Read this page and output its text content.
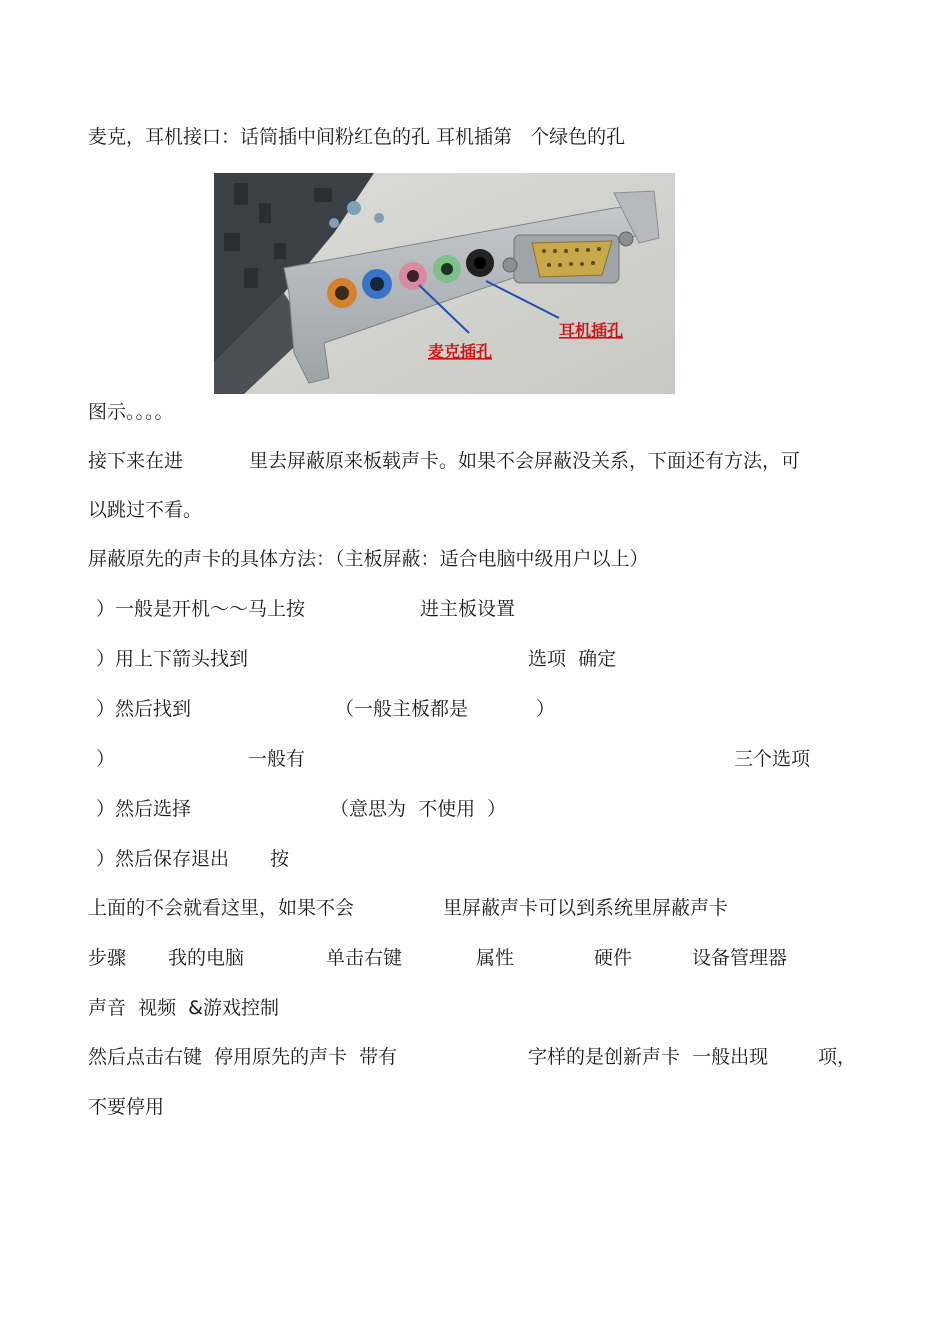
麦克，耳机接口：话筒插中间粉红色的孔 耳机插第   个绿色的孔
耳机插孔
麦克插孔
图示。。。。
接下来在进	里去屏蔽原来板载声卡。如果不会屏蔽没关系，下面还有方法，可
以跳过不看。
屏蔽原先的声卡的具体方法：（主板屏蔽：适合电脑中级用户以上）
）一般是开机～～马上按	进主板设置
）用上下箭头找到	选项  确定
）然后找到	（一般主板都是	）
）	一般有	三个选项
）然后选择	（意思为  不使用  ）
）然后保存退出 按
上面的不会就看这里，如果不会	里屏蔽声卡可以到系统里屏蔽声卡
步骤 我的电脑	单击右键	属性	硬件	设备管理器
声音  视频  &游戏控制
然后点击右键  停用原先的声卡  带有	字样的是创新声卡  一般出现	项，
不要停用
